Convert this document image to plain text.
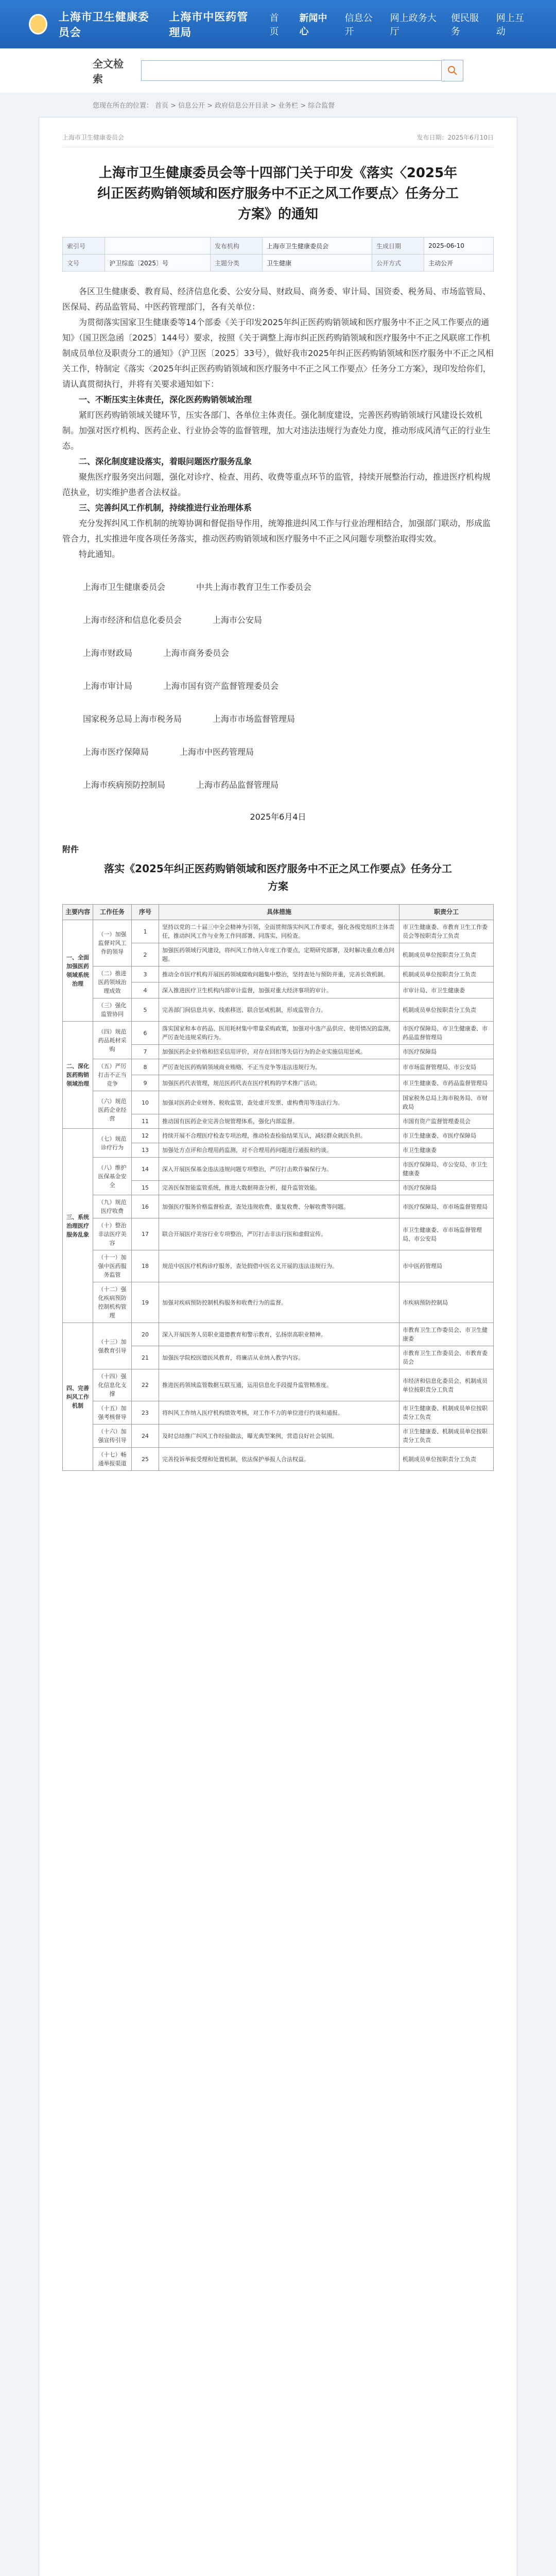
上海市卫生健康委员会
上海市中医药管理局
首页
新闻中心
信息公开
网上政务大厅
便民服务
网上互动
全文检索
您现在所在的位置： 首页 > 信息公开 > 政府信息公开目录 > 业务栏 > 综合监督
上海市卫生健康委员会	发布日期：2025年6月10日
上海市卫生健康委员会等十四部门关于印发《落实〈2025年纠正医药购销领域和医疗服务中不正之风工作要点〉任务分工方案》的通知
索引号		发布机构	上海市卫生健康委员会	生成日期	2025-06-10
文号	沪卫综监〔2025〕号	主题分类	卫生健康	公开方式	主动公开

各区卫生健康委、教育局、经济信息化委、公安分局、财政局、商务委、审计局、国资委、税务局、市场监管局、医保局、药品监管局、中医药管理部门，各有关单位：

为贯彻落实国家卫生健康委等14个部委《关于印发2025年纠正医药购销领域和医疗服务中不正之风工作要点的通知》（国卫医急函〔2025〕144号）要求，按照《关于调整上海市纠正医药购销领域和医疗服务中不正之风联席工作机制成员单位及职责分工的通知》（沪卫医〔2025〕33号），做好我市2025年纠正医药购销领域和医疗服务中不正之风相关工作，特制定《落实〈2025年纠正医药购销领域和医疗服务中不正之风工作要点〉任务分工方案》，现印发给你们，请认真贯彻执行，并将有关要求通知如下：

一、不断压实主体责任，深化医药购销领域治理

紧盯医药购销领域关键环节，压实各部门、各单位主体责任。强化制度建设，完善医药购销领域行风建设长效机制。加强对医疗机构、医药企业、行业协会等的监督管理，加大对违法违规行为查处力度，推动形成风清气正的行业生态。

二、深化制度建设落实，着眼问题医疗服务乱象

聚焦医疗服务突出问题，强化对诊疗、检查、用药、收费等重点环节的监管，持续开展整治行动，推进医疗机构规范执业，切实维护患者合法权益。

三、完善纠风工作机制，持续推进行业治理体系

充分发挥纠风工作机制的统筹协调和督促指导作用，统筹推进纠风工作与行业治理相结合，加强部门联动，形成监管合力，扎实推进年度各项任务落实，推动医药购销领域和医疗服务中不正之风问题专项整治取得实效。

特此通知。

上海市卫生健康委员会	中共上海市教育卫生工作委员会
上海市经济和信息化委员会	上海市公安局
上海市财政局	上海市商务委员会
上海市审计局	上海市国有资产监督管理委员会
国家税务总局上海市税务局	上海市市场监督管理局
上海市医疗保障局	上海市中医药管理局
上海市疾病预防控制局	上海市药品监督管理局
2025年6月4日
附件
落实《2025年纠正医药购销领域和医疗服务中不正之风工作要点》任务分工方案
主要内容	工作任务	序号	具体措施	职责分工
一、全面加强医药领域系统治理	（一）加强监督对风工作的领导	1	坚持以党的二十届三中全会精神为引领，全面贯彻落实纠风工作要求，强化各级党组织主体责任，推动纠风工作与业务工作同部署、同落实、同检查。	市卫生健康委、市教育卫生工作委员会等按职责分工负责
		2	加强医药领域行风建设，将纠风工作纳入年度工作要点，定期研究部署，及时解决重点难点问题。	机制成员单位按职责分工负责
	（二）推进医药领域治理成效	3	推动全市医疗机构开展医药领域腐败问题集中整治，坚持查处与预防并重，完善长效机制。	机制成员单位按职责分工负责
		4	深入推进医疗卫生机构内部审计监督，加强对重大经济事项的审计。	市审计局、市卫生健康委
	（三）强化监管协同	5	完善部门间信息共享、线索移送、联合惩戒机制，形成监管合力。	机制成员单位按职责分工负责
二、深化医药购销领域治理	（四）规范药品耗材采购	6	落实国家和本市药品、医用耗材集中带量采购政策，加强对中选产品供应、使用情况的监测，严厉查处违规采购行为。	市医疗保障局、市卫生健康委、市药品监督管理局
		7	加强医药企业价格和招采信用评价，对存在回扣等失信行为的企业实施信用惩戒。	市医疗保障局
	（五）严厉打击不正当竞争	8	严厉查处医药购销领域商业贿赂、不正当竞争等违法违规行为。	市市场监督管理局、市公安局
		9	加强医药代表管理，规范医药代表在医疗机构的学术推广活动。	市卫生健康委、市药品监督管理局
	（六）规范医药企业经营	10	加强对医药企业财务、税收监管，查处虚开发票、虚构费用等违法行为。	国家税务总局上海市税务局、市财政局
		11	推动国有医药企业完善合规管理体系，强化内部监督。	市国有资产监督管理委员会
三、系统治理医疗服务乱象	（七）规范诊疗行为	12	持续开展不合理医疗检查专项治理，推动检查检验结果互认，减轻群众就医负担。	市卫生健康委、市医疗保障局
		13	加强处方点评和合理用药监测，对不合理用药问题进行通报和约谈。	市卫生健康委
	（八）维护医保基金安全	14	深入开展医保基金违法违规问题专项整治，严厉打击欺诈骗保行为。	市医疗保障局、市公安局、市卫生健康委
		15	完善医保智能监管系统，推进大数据筛查分析，提升监管效能。	市医疗保障局
	（九）规范医疗收费	16	加强医疗服务价格监督检查，查处违规收费、重复收费、分解收费等问题。	市医疗保障局、市市场监督管理局
	（十）整治非法医疗美容	17	联合开展医疗美容行业专项整治，严厉打击非法行医和虚假宣传。	市卫生健康委、市市场监督管理局、市公安局
	（十一）加强中医药服务监管	18	规范中医医疗机构诊疗服务，查处假借中医名义开展的违法违规行为。	市中医药管理局
	（十二）强化疾病预防控制机构管理	19	加强对疾病预防控制机构服务和收费行为的监督。	市疾病预防控制局
四、完善纠风工作机制	（十三）加强教育引导	20	深入开展医务人员职业道德教育和警示教育，弘扬崇高职业精神。	市教育卫生工作委员会、市卫生健康委
		21	加强医学院校医德医风教育，将廉洁从业纳入教学内容。	市教育卫生工作委员会、市教育委员会
	（十四）强化信息化支撑	22	推进医药领域监管数据互联互通，运用信息化手段提升监管精准度。	市经济和信息化委员会、机制成员单位按职责分工负责
	（十五）加强考核督导	23	将纠风工作纳入医疗机构绩效考核，对工作不力的单位进行约谈和通报。	市卫生健康委、机制成员单位按职责分工负责
	（十六）加强宣传引导	24	及时总结推广纠风工作经验做法，曝光典型案例，营造良好社会氛围。	市卫生健康委、机制成员单位按职责分工负责
	（十七）畅通举报渠道	25	完善投诉举报受理和处置机制，依法保护举报人合法权益。	机制成员单位按职责分工负责
